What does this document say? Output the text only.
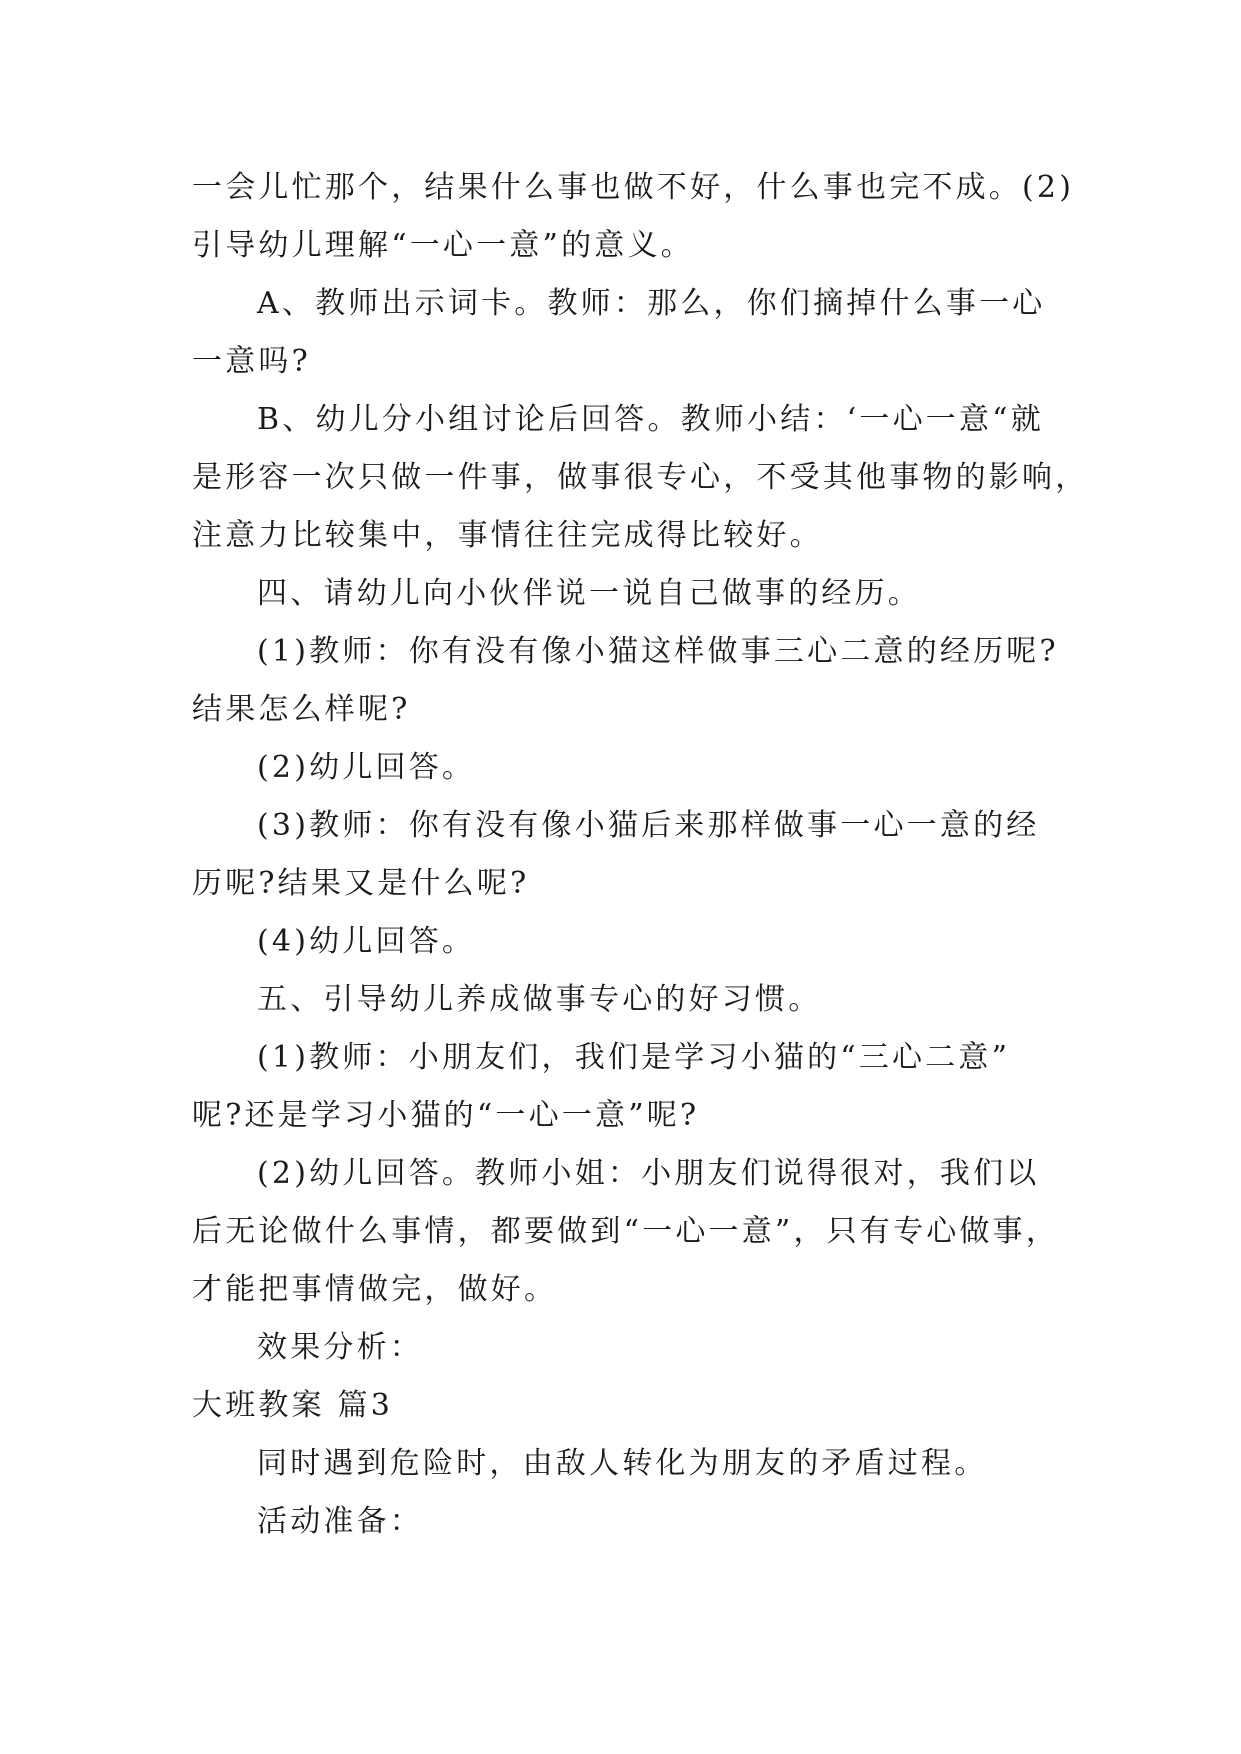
一会儿忙那个，结果什么事也做不好，什么事也完不成。(2)
引导幼儿理解“一心一意”的意义。
A、教师出示词卡。教师：那么，你们摘掉什么事一心
一意吗?
B、幼儿分小组讨论后回答。教师小结：‘一心一意“就
是形容一次只做一件事，做事很专心，不受其他事物的影响，
注意力比较集中，事情往往完成得比较好。
四、请幼儿向小伙伴说一说自己做事的经历。
(1)教师：你有没有像小猫这样做事三心二意的经历呢?
结果怎么样呢?
(2)幼儿回答。
(3)教师：你有没有像小猫后来那样做事一心一意的经
历呢?结果又是什么呢?
(4)幼儿回答。
五、引导幼儿养成做事专心的好习惯。
(1)教师：小朋友们，我们是学习小猫的“三心二意”
呢?还是学习小猫的“一心一意”呢?
(2)幼儿回答。教师小姐：小朋友们说得很对，我们以
后无论做什么事情，都要做到“一心一意”，只有专心做事，
才能把事情做完，做好。
效果分析：
大班教案 篇3
同时遇到危险时，由敌人转化为朋友的矛盾过程。
活动准备：
